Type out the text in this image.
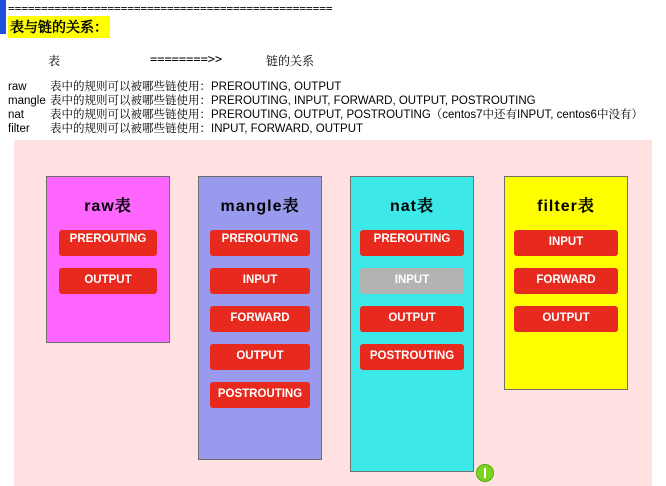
=================================================
表与链的关系：
表	========>>	链的关系
raw 表中的规则可以被哪些链使用：PREROUTING, OUTPUT
mangle 表中的规则可以被哪些链使用：PREROUTING, INPUT, FORWARD, OUTPUT, POSTROUTING
nat 表中的规则可以被哪些链使用：PREROUTING, OUTPUT, POSTROUTING（centos7中还有INPUT, centos6中没有）
filter 表中的规则可以被哪些链使用：INPUT, FORWARD, OUTPUT
raw表
PREROUTING
OUTPUT
mangle表
PREROUTING
INPUT
FORWARD
OUTPUT
POSTROUTING
nat表
PREROUTING
INPUT
OUTPUT
POSTROUTING
filter表
INPUT
FORWARD
OUTPUT
